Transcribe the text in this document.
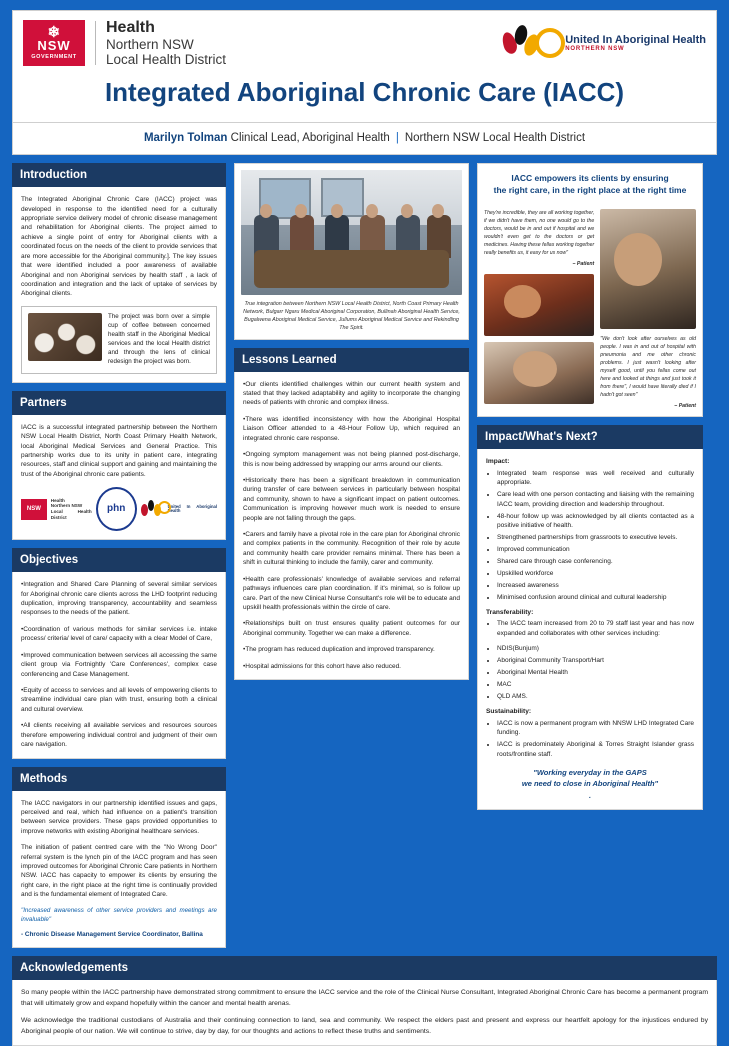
❄
NSW
GOVERNMENT
Health
Northern NSW
Local Health District
United In Aboriginal Health
NORTHERN NSW
Integrated Aboriginal Chronic Care (IACC)
Marilyn Tolman Clinical Lead, Aboriginal Health | Northern NSW Local Health District
Introduction

The Integrated Aboriginal Chronic Care (IACC) project was developed in response to the identified need for a culturally appropriate service delivery model of chronic disease management and rehabilitation for Aboriginal clients. The project aimed to achieve a single point of entry for Aboriginal clients with a coordinated focus on the needs of the client to provide services that are more accessible for the Aboriginal community.]. The key issues that were identified included a poor awareness of available Aboriginal and non Aboriginal services by health staff , a lack of coordination and integration and the lack of uptake of services by Aboriginal clients.

The project was born over a simple cup of coffee between concerned health staff in the Aboriginal Medical services and the local Health district and through the lens of clinical redesign the project was born.
Partners

IACC is a successful integrated partnership between the Northern NSW Local Health District, North Coast Primary Health Network, local Aboriginal Medical Services and General Practice. This partnership works due to its unity in patient care, integrating resources, staff and clinical support and gaining and maintaining the trust of the Aboriginal chronic care patients.

NSW
Health
Northern NSW
Local Health District
phn	United In Aboriginal Health
Objectives

•Integration and Shared Care Planning of several similar services for Aboriginal chronic care clients across the LHD footprint reducing duplication, improving transparency, accountability and seamless responses to the needs of the patient.

•Coordination of various methods for similar services i.e. intake process/ criteria/ level of care/ capacity with a clear Model of Care,

•Improved communication between services all accessing the same client group via Fortnightly 'Care Conferences', complex case conferencing and Case Management.

•Equity of access to services and all levels of empowering clients to streamline individual care plan with trust, ensuring both a clinical and cultural overview.

•All clients receiving all available services and resources sources therefore empowering individual control and judgment of their own care navigation.

Methods

The IACC navigators in our partnership identified issues and gaps, perceived and real, which had influence on a patient's transition between service providers. These gaps provided opportunities to improve networks with existing Aboriginal healthcare services.

The initiation of patient centred care with the "No Wrong Door" referral system is the lynch pin of the IACC program and has seen improved outcomes for Aboriginal Chronic Care patients in Northern NSW. IACC has capacity to empower its clients by ensuring the right care, in the right place at the right time is continually provided and is the fundamental element of Integrated Care.

"Increased awareness of other service providers and meetings are invaluable"
- Chronic Disease Management Service Coordinator, Ballina
True integration between Northern NSW Local Health District, North Coast Primary Health Network, Bulgarr Ngaru Medical Aboriginal Corporation, Bullinah Aboriginal Health Service, Bugalwena Aboriginal Medical Service, Jullums Aboriginal Medical Service and Rekindling The Spirit.
Lessons Learned

•Our clients identified challenges within our current health system and stated that they lacked adaptability and agility to incorporate the changing needs of patients with chronic and complex illness.

•There was identified inconsistency with how the Aboriginal Hospital Liaison Officer attended to a 48-Hour Follow Up, which required an integrated chronic care response.

•Ongoing symptom management was not being planned post-discharge, this is now being addressed by wrapping our arms around our clients.

•Historically there has been a significant breakdown in communication during transfer of care between services in particularly between hospital and community, shown to have a significant impact on patient outcomes. Communication is improving however much work is needed to ensure people are not falling through the gaps.

•Carers and family have a pivotal role in the care plan for Aboriginal chronic and complex patients in the community. Recognition of their role by acute and community health care provider remains minimal. There has been a shift in cultural thinking to include the family, carer and community.

•Health care professionals' knowledge of available services and referral pathways influences care plan coordination. If it's minimal, so is follow up care. Part of the new Clinical Nurse Consultant's role will be to educate and upskill health professionals within the circle of care.

•Relationships built on trust ensures quality patient outcomes for our Aboriginal community. Together we can make a difference.

•The program has reduced duplication and improved transparency.

•Hospital admissions for this cohort have also reduced.

IACC empowers its clients by ensuring
the right care, in the right place at the right time
They're incredible, they are all working together, if we didn't have them, no one would go to the doctors, would be in and out if hospital and we wouldn't even get to the doctors or get medicines. Having these fellas working together really benefits us, it easy for us now"
– Patient
"We don't look after ourselves as old people. I was in and out of hospital with pneumonia and me other chronic problems. I just wasn't looking after myself good, until you fellas come out here and looked at things and just took it from there", I would have literally died if I hadn't got seen"
– Patient
Impact/What's Next?

Impact:

• Integrated team response was well received and culturally appropriate.
• Care lead with one person contacting and liaising with the remaining IACC team, providing direction and leadership throughout.
• 48-hour follow up was acknowledged by all clients contacted as a positive initiative of health.
• Strengthened partnerships from grassroots to executive levels.
• Improved communication
• Shared care through case conferencing.
• Upskilled workforce
• Increased awareness
• Minimised confusion around clinical and cultural leadership

Transferability:

• The IACC team increased from 20 to 79 staff last year and has now expanded and collaborates with other services including:
• NDIS(Bunjum)
• Aboriginal Community Transport/Hart
• Aboriginal Mental Health
• MAC
• QLD AMS.

Sustainability:

• IACC is now a permanent program with NNSW LHD Integrated Care funding.
• IACC is predominately Aboriginal & Torres Straight Islander grass roots/frontline staff.
"Working everyday in the GAPS
we need to close in Aboriginal Health"
.
Acknowledgements

So many people within the IACC partnership have demonstrated strong commitment to ensure the IACC service and the role of the Clinical Nurse Consultant, Integrated Aboriginal Chronic Care has become a permanent program that will ultimately grow and expand hopefully within the cancer and mental health arenas.

We acknowledge the traditional custodians of Australia and their continuing connection to land, sea and community. We respect the elders past and present and express our heartfelt apology for the injustices endured by Aboriginal people of our nation. We will continue to strive, day by day, for our thoughts and actions to reflect these truths and sentiments.
